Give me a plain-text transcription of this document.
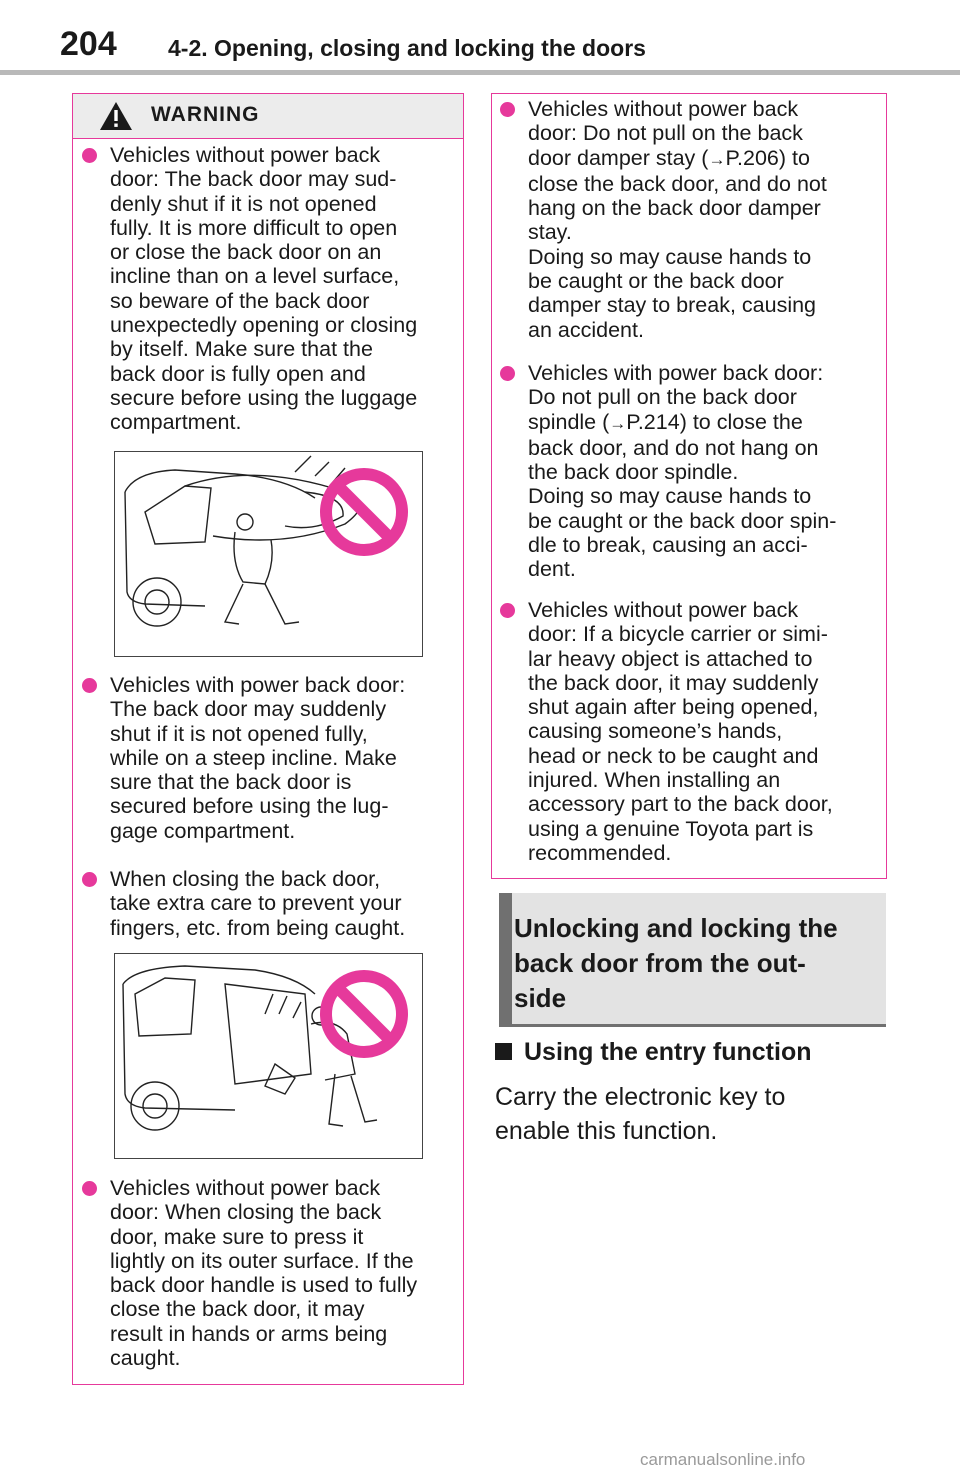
204 4-2. Opening, closing and locking the doors
WARNING
Vehicles without power back
door: The back door may sud-
denly shut if it is not opened
fully. It is more difficult to open
or close the back door on an
incline than on a level surface,
so beware of the back door
unexpectedly opening or closing
by itself. Make sure that the
back door is fully open and
secure before using the luggage
compartment.
Vehicles with power back door:
The back door may suddenly
shut if it is not opened fully,
while on a steep incline. Make
sure that the back door is
secured before using the lug-
gage compartment.
When closing the back door,
take extra care to prevent your
fingers, etc. from being caught.
Vehicles without power back
door: When closing the back
door, make sure to press it
lightly on its outer surface. If the
back door handle is used to fully
close the back door, it may
result in hands or arms being
caught.
Vehicles without power back
door: Do not pull on the back
door damper stay (→P.206) to
close the back door, and do not
hang on the back door damper
stay.
Doing so may cause hands to
be caught or the back door
damper stay to break, causing
an accident.
Vehicles with power back door:
Do not pull on the back door
spindle (→P.214) to close the
back door, and do not hang on
the back door spindle.
Doing so may cause hands to
be caught or the back door spin-
dle to break, causing an acci-
dent.
Vehicles without power back
door: If a bicycle carrier or simi-
lar heavy object is attached to
the back door, it may suddenly
shut again after being opened,
causing someone’s hands,
head or neck to be caught and
injured. When installing an
accessory part to the back door,
using a genuine Toyota part is
recommended.
Unlocking and locking the
back door from the out-
side
Using the entry function
Carry the electronic key to
enable this function.
carmanualsonline.info
